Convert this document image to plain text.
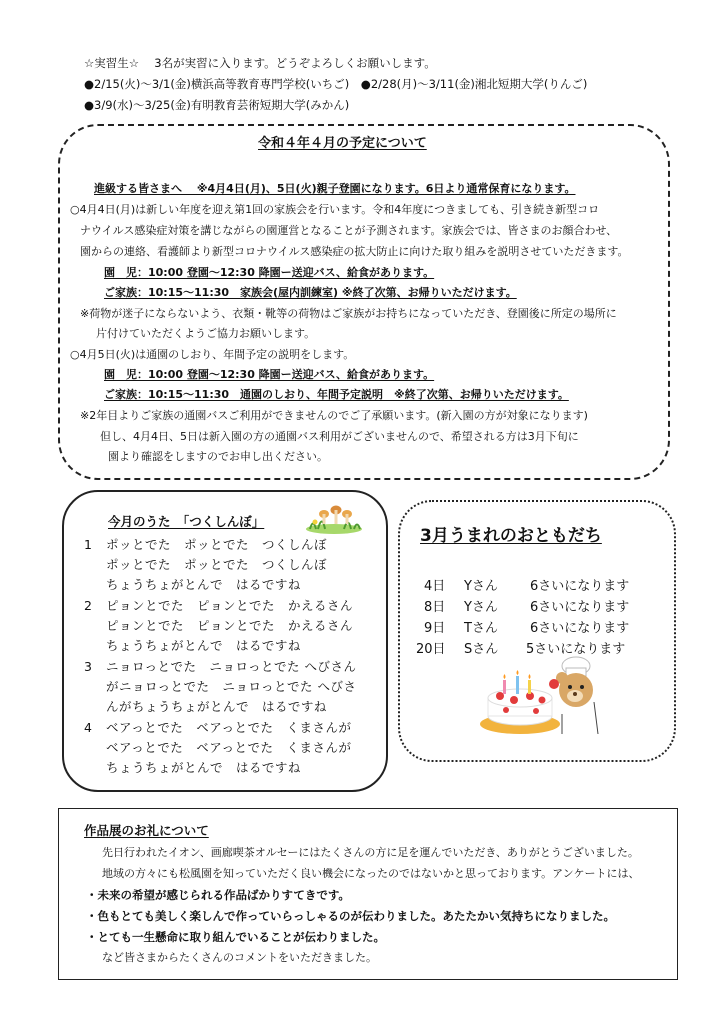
☆実習生☆　 3名が実習に入ります。どうぞよろしくお願いします。
●2/15(火)～3/1(金)横浜高等教育専門学校(いちご)　●2/28(月)～3/11(金)湘北短期大学(りんご)
●3/9(水)～3/25(金)有明教育芸術短期大学(みかん)
令和４年４月の予定について
進級する皆さまへ　 ※4月4日(月)、5日(火)親子登園になります。6日より通常保育になります。
○4月4日(月)は新しい年度を迎え第1回の家族会を行います。令和4年度につきましても、引き続き新型コロ
ナウイルス感染症対策を講じながらの園運営となることが予測されます。家族会では、皆さまのお顔合わせ、
園からの連絡、看護師より新型コロナウイルス感染症の拡大防止に向けた取り組みを説明させていただきます。
園　児：10:00 登園～12:30 降園ー送迎バス、給食があります。
ご家族：10:15～11:30　家族会(屋内訓練室) ※終了次第、お帰りいただけます。
※荷物が迷子にならないよう、衣類・靴等の荷物はご家族がお持ちになっていただき、登園後に所定の場所に
片付けていただくようご協力お願いします。
○4月5日(火)は通園のしおり、年間予定の説明をします。
園　児：10:00 登園～12:30 降園ー送迎バス、給食があります。
ご家族：10:15～11:30　通園のしおり、年間予定説明　※終了次第、お帰りいただけます。
※2年目よりご家族の通園バスご利用ができませんのでご了承願います。(新入園の方が対象になります)
但し、4月4日、5日は新入園の方の通園バス利用がございませんので、希望される方は3月下旬に
園より確認をしますのでお申し出ください。
今月のうた　「つくしんぼ」
1 ポッとでた　ポッとでた　つくしんぼ
ポッとでた　ポッとでた　つくしんぼ
ちょうちょがとんで　はるですね
2 ピョンとでた　ピョンとでた　かえるさん
ピョンとでた　ピョンとでた　かえるさん
ちょうちょがとんで　はるですね
3 ニョロっとでた　ニョロっとでた へびさん
がニョロっとでた　ニョロっとでた へびさ
んがちょうちょがとんで　はるですね
4 ベアっとでた　ベアっとでた　くまさんが
ベアっとでた　ベアっとでた　くまさんが
ちょうちょがとんで　はるですね
3月うまれのおともだち
4日 Yさん 6さいになります
8日 Yさん 6さいになります
9日 Tさん 6さいになります
20日 Sさん 5さいになります
作品展のお礼について
先日行われたイオン、画廊喫茶オルセーにはたくさんの方に足を運んでいただき、ありがとうございました。
地域の方々にも松風園を知っていただく良い機会になったのではないかと思っております。アンケートには、
・未来の希望が感じられる作品ばかりすてきです。
・色もとても美しく楽しんで作っていらっしゃるのが伝わりました。あたたかい気持ちになりました。
・とても一生懸命に取り組んでいることが伝わりました。
など皆さまからたくさんのコメントをいただきました。
